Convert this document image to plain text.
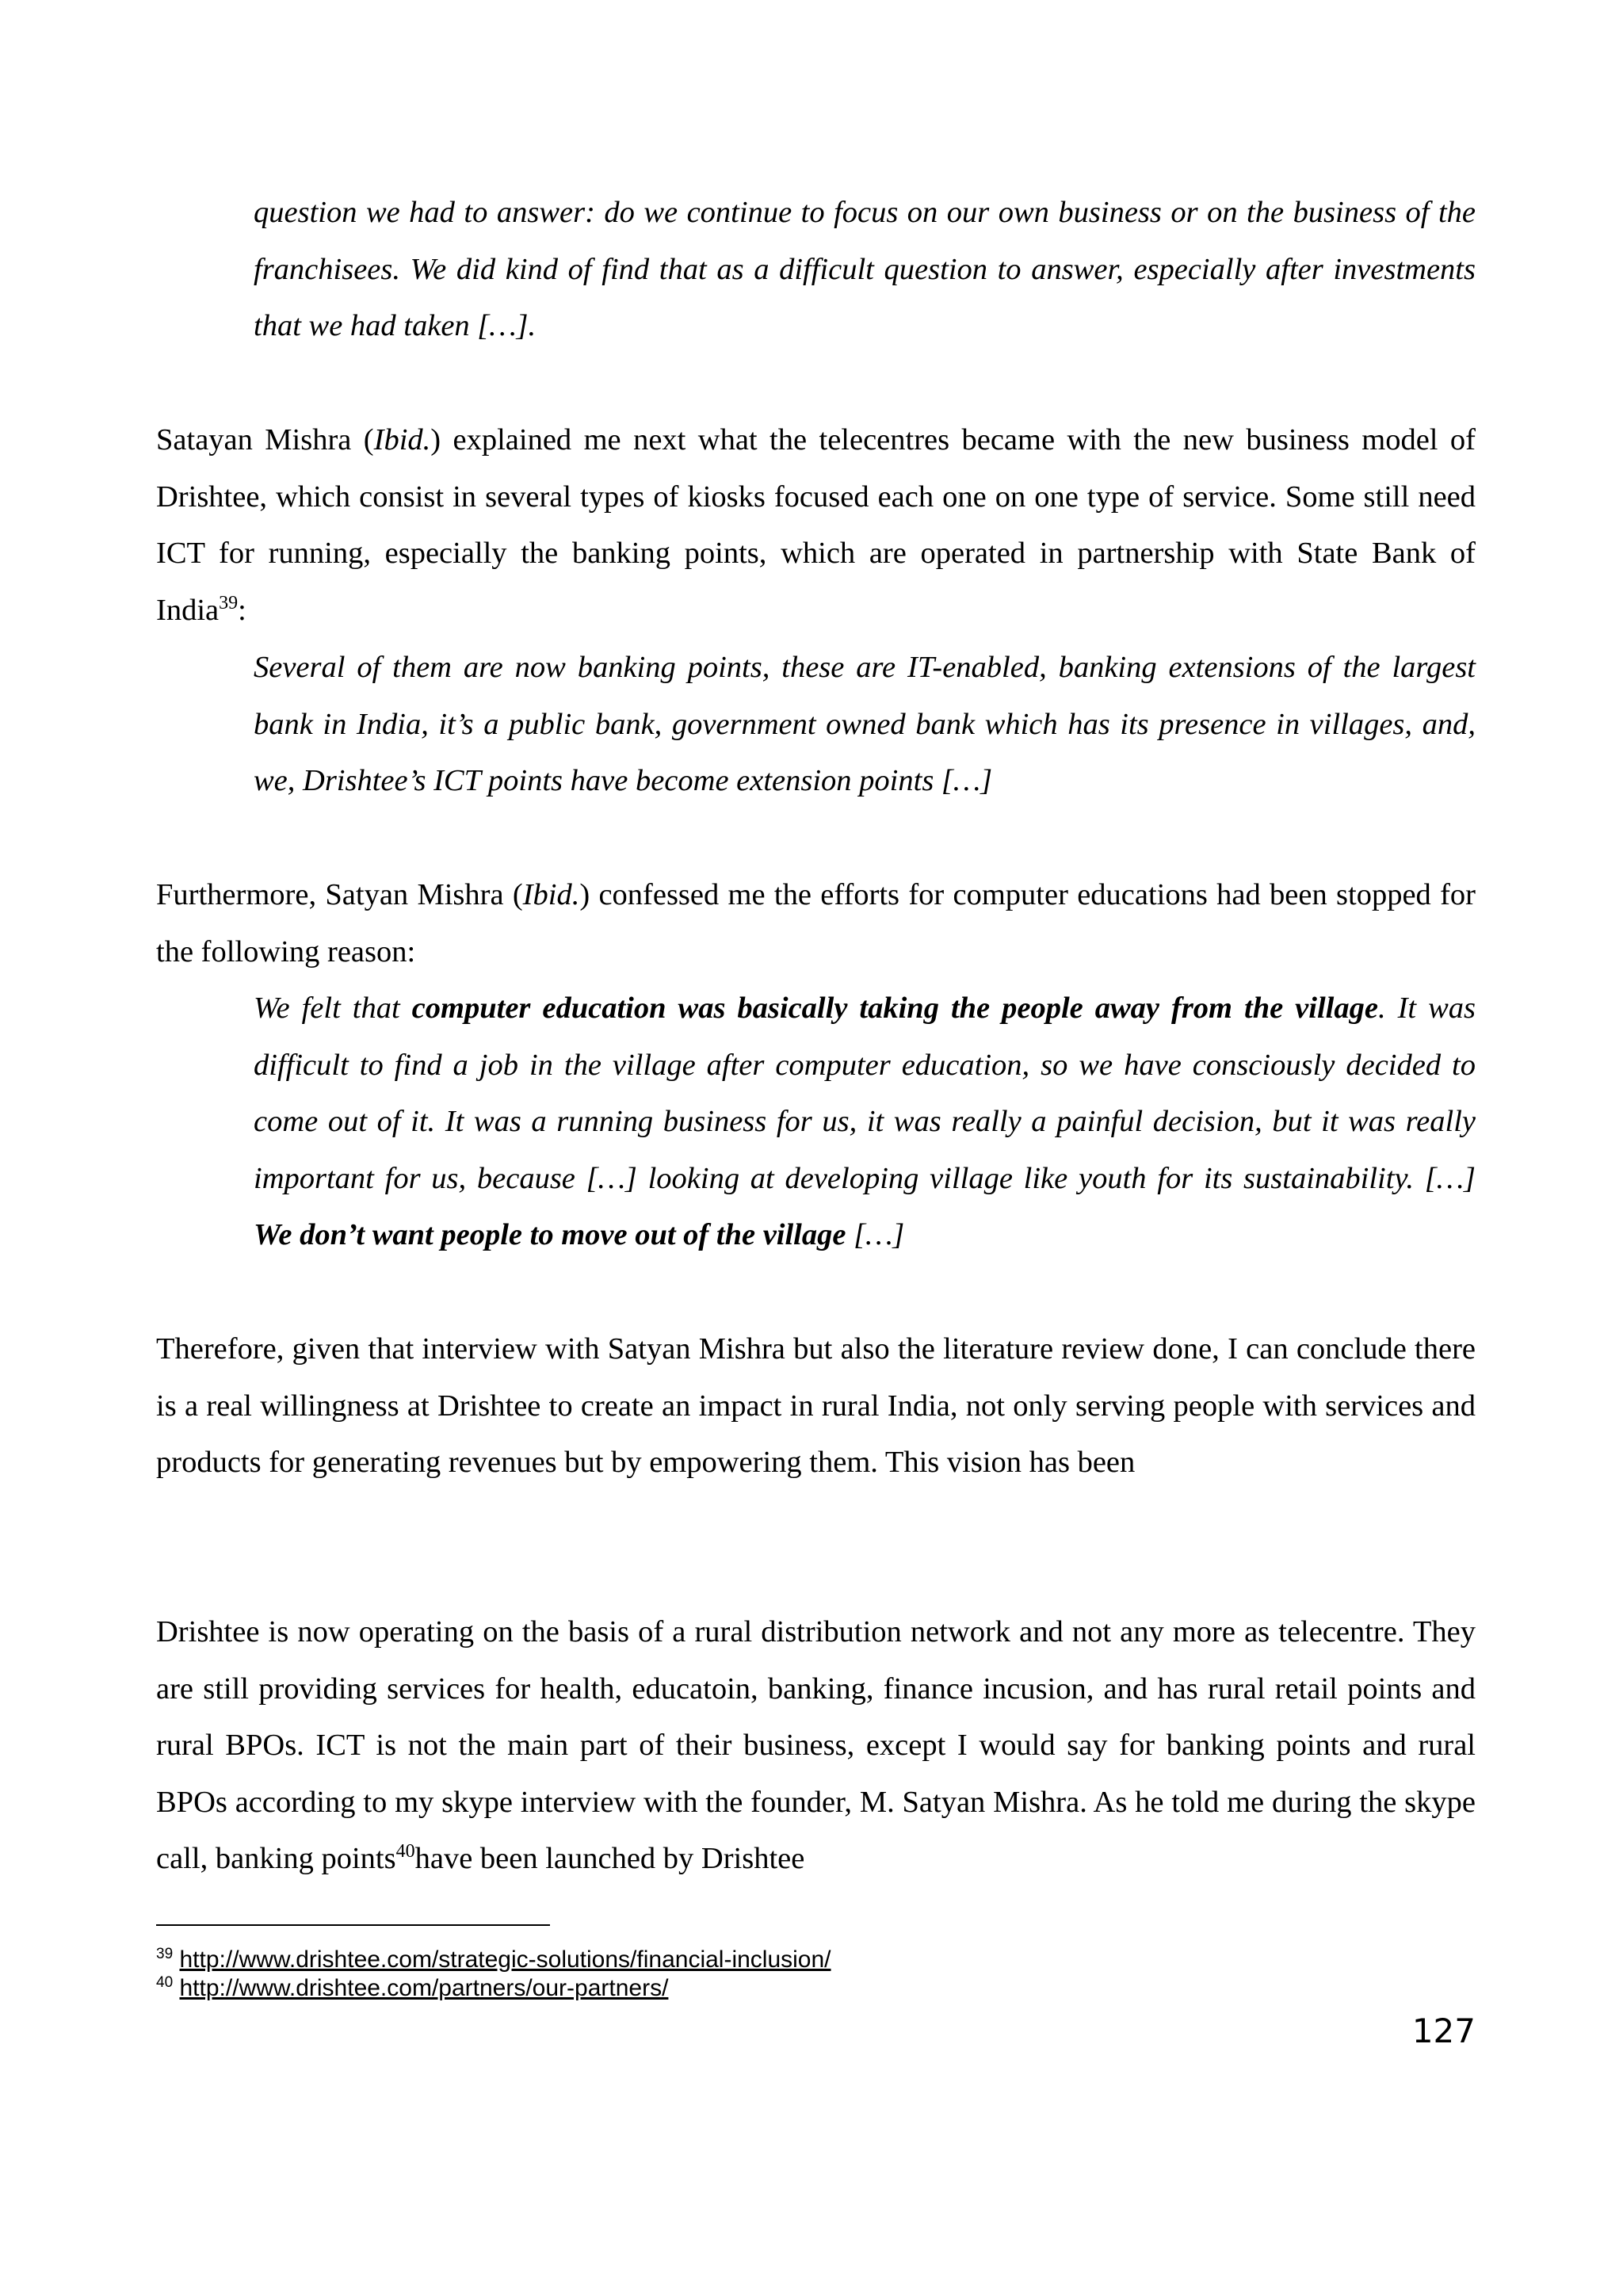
question we had to answer: do we continue to focus on our own business or on the business of the franchisees. We did kind of find that as a difficult question to answer, especially after investments that we had taken […].
Satayan Mishra (Ibid.) explained me next what the telecentres became with the new business model of Drishtee, which consist in several types of kiosks focused each one on one type of service. Some still need ICT for running, especially the banking points, which are operated in partnership with State Bank of India$^{39}$:
Several of them are now banking points, these are IT-enabled, banking extensions of the largest bank in India, it’s a public bank, government owned bank which has its presence in villages, and, we, Drishtee’s ICT points have become extension points […]
Furthermore, Satyan Mishra (Ibid.) confessed me the efforts for computer educations had been stopped for the following reason:
We felt that computer education was basically taking the people away from the village. It was difficult to find a job in the village after computer education, so we have consciously decided to come out of it. It was a running business for us, it was really a painful decision, but it was really important for us, because […] looking at developing village like youth for its sustainability. […] We don’t want people to move out of the village […]
Therefore, given that interview with Satyan Mishra but also the literature review done, I can conclude there is a real willingness at Drishtee to create an impact in rural India, not only serving people with services and products for generating revenues but by empowering them. This vision has been
Drishtee is now operating on the basis of a rural distribution network and not any more as telecentre. They are still providing services for health, educatoin, banking, finance incusion, and has rural retail points and rural BPOs. ICT is not the main part of their business, except I would say for banking points and rural BPOs according to my skype interview with the founder, M. Satyan Mishra. As he told me during the skype call, banking points$^{40}$have been launched by Drishtee
$^{39}$ http://www.drishtee.com/strategic-solutions/financial-inclusion/
$^{40}$ http://www.drishtee.com/partners/our-partners/
127
